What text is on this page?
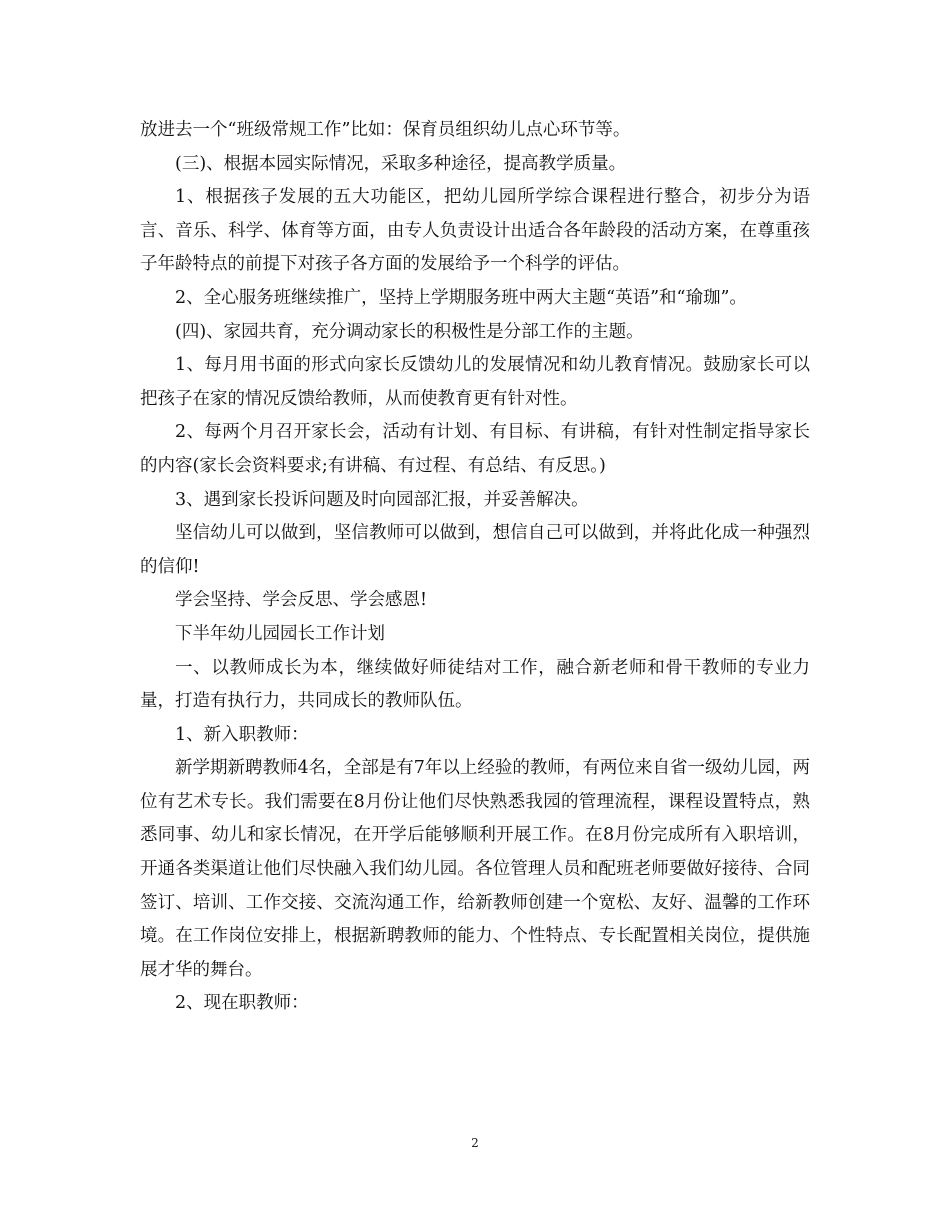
放进去一个“班级常规工作”比如：保育员组织幼儿点心环节等。

(三)、根据本园实际情况，采取多种途径，提高教学质量。

1、根据孩子发展的五大功能区，把幼儿园所学综合课程进行整合，初步分为语言、音乐、科学、体育等方面，由专人负责设计出适合各年龄段的活动方案，在尊重孩子年龄特点的前提下对孩子各方面的发展给予一个科学的评估。

2、全心服务班继续推广，坚持上学期服务班中两大主题“英语”和“瑜珈”。

(四)、家园共育，充分调动家长的积极性是分部工作的主题。

1、每月用书面的形式向家长反馈幼儿的发展情况和幼儿教育情况。鼓励家长可以把孩子在家的情况反馈给教师，从而使教育更有针对性。

2、每两个月召开家长会，活动有计划、有目标、有讲稿，有针对性制定指导家长的内容(家长会资料要求;有讲稿、有过程、有总结、有反思。)

3、遇到家长投诉问题及时向园部汇报，并妥善解决。

坚信幼儿可以做到，坚信教师可以做到，想信自己可以做到，并将此化成一种强烈的信仰!

学会坚持、学会反思、学会感恩!

下半年幼儿园园长工作计划

一、以教师成长为本，继续做好师徒结对工作，融合新老师和骨干教师的专业力量，打造有执行力，共同成长的教师队伍。

1、新入职教师：

新学期新聘教师4名，全部是有7年以上经验的教师，有两位来自省一级幼儿园，两位有艺术专长。我们需要在8月份让他们尽快熟悉我园的管理流程，课程设置特点，熟悉同事、幼儿和家长情况，在开学后能够顺利开展工作。在8月份完成所有入职培训，开通各类渠道让他们尽快融入我们幼儿园。各位管理人员和配班老师要做好接待、合同签订、培训、工作交接、交流沟通工作，给新教师创建一个宽松、友好、温馨的工作环境。在工作岗位安排上，根据新聘教师的能力、个性特点、专长配置相关岗位，提供施展才华的舞台。

2、现在职教师：

2
